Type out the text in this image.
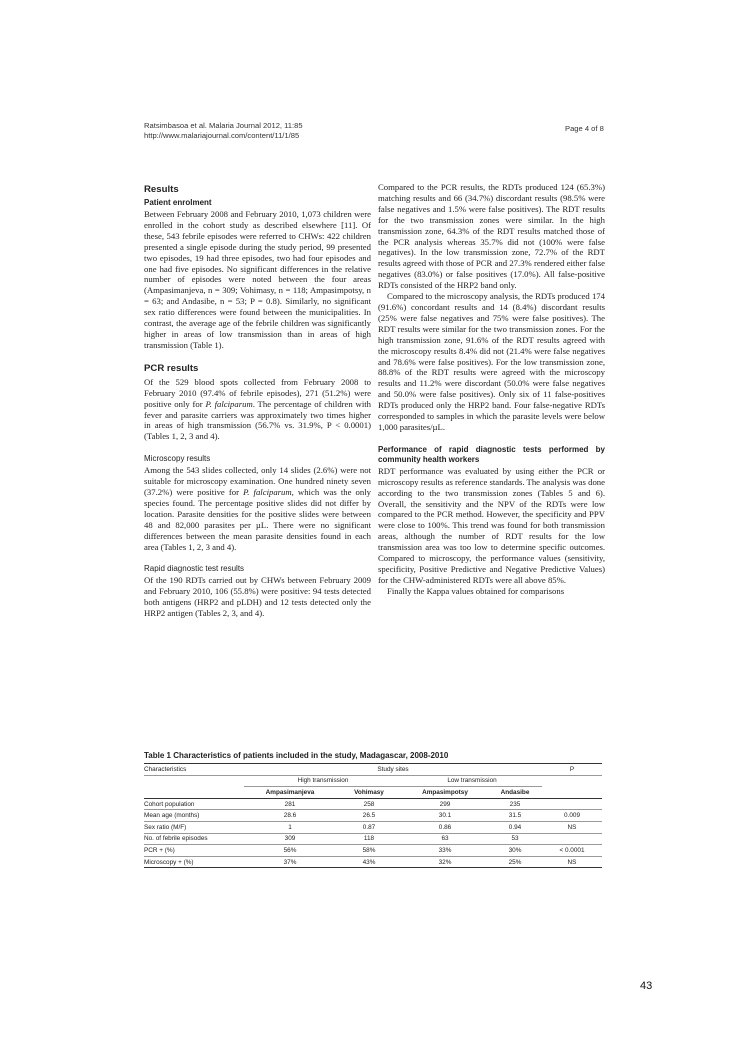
Ratsimbasoa et al. Malaria Journal 2012, 11:85
http://www.malariajournal.com/content/11/1/85
Page 4 of 8
Results
Patient enrolment

Between February 2008 and February 2010, 1,073 children were enrolled in the cohort study as described elsewhere [11]. Of these, 543 febrile episodes were referred to CHWs: 422 children presented a single episode during the study period, 99 presented two episodes, 19 had three episodes, two had four episodes and one had five episodes. No significant differences in the relative number of episodes were noted between the four areas (Ampasimanjeva, n = 309; Vohimasy, n = 118; Ampasimpotsy, n = 63; and Andasibe, n = 53; P = 0.8). Similarly, no significant sex ratio differences were found between the municipalities. In contrast, the average age of the febrile children was significantly higher in areas of low transmission than in areas of high transmission (Table 1).

PCR results

Of the 529 blood spots collected from February 2008 to February 2010 (97.4% of febrile episodes), 271 (51.2%) were positive only for P. falciparum. The percentage of children with fever and parasite carriers was approximately two times higher in areas of high transmission (56.7% vs. 31.9%, P < 0.0001) (Tables 1, 2, 3 and 4).

Microscopy results

Among the 543 slides collected, only 14 slides (2.6%) were not suitable for microscopy examination. One hundred ninety seven (37.2%) were positive for P. falciparum, which was the only species found. The percentage positive slides did not differ by location. Parasite densities for the positive slides were between 48 and 82,000 parasites per µL. There were no significant differences between the mean parasite densities found in each area (Tables 1, 2, 3 and 4).

Rapid diagnostic test results

Of the 190 RDTs carried out by CHWs between February 2009 and February 2010, 106 (55.8%) were positive: 94 tests detected both antigens (HRP2 and pLDH) and 12 tests detected only the HRP2 antigen (Tables 2, 3, and 4).

Compared to the PCR results, the RDTs produced 124 (65.3%) matching results and 66 (34.7%) discordant results (98.5% were false negatives and 1.5% were false positives). The RDT results for the two transmission zones were similar. In the high transmission zone, 64.3% of the RDT results matched those of the PCR analysis whereas 35.7% did not (100% were false negatives). In the low transmission zone, 72.7% of the RDT results agreed with those of PCR and 27.3% rendered either false negatives (83.0%) or false positives (17.0%). All false-positive RDTs consisted of the HRP2 band only.

Compared to the microscopy analysis, the RDTs produced 174 (91.6%) concordant results and 14 (8.4%) discordant results (25% were false negatives and 75% were false positives). The RDT results were similar for the two transmission zones. For the high transmission zone, 91.6% of the RDT results agreed with the microscopy results 8.4% did not (21.4% were false negatives and 78.6% were false positives). For the low transmission zone, 88.8% of the RDT results were agreed with the microscopy results and 11.2% were discordant (50.0% were false negatives and 50.0% were false positives). Only six of 11 false-positives RDTs produced only the HRP2 band. Four false-negative RDTs corresponded to samples in which the parasite levels were below 1,000 parasites/µL.

Performance of rapid diagnostic tests performed by community health workers

RDT performance was evaluated by using either the PCR or microscopy results as reference standards. The analysis was done according to the two transmission zones (Tables 5 and 6). Overall, the sensitivity and the NPV of the RDTs were low compared to the PCR method. However, the specificity and PPV were close to 100%. This trend was found for both transmission areas, although the number of RDT results for the low transmission area was too low to determine specific outcomes. Compared to microscopy, the performance values (sensitivity, specificity, Positive Predictive and Negative Predictive Values) for the CHW-administered RDTs were all above 85%.

Finally the Kappa values obtained for comparisons

Table 1 Characteristics of patients included in the study, Madagascar, 2008-2010
Characteristics	Study sites				P
	High transmission		Low transmission		
	Ampasimanjeva	Vohimasy	Ampasimpotsy	Andasibe	
Cohort population	281	258	299	235	
Mean age (months)	28.6	26.5	30.1	31.5	0.009
Sex ratio (M/F)	1	0.87	0.86	0.94	NS
No. of febrile episodes	309	118	63	53	
PCR + (%)	56%	58%	33%	30%	< 0.0001
Microscopy + (%)	37%	43%	32%	25%	NS
43
